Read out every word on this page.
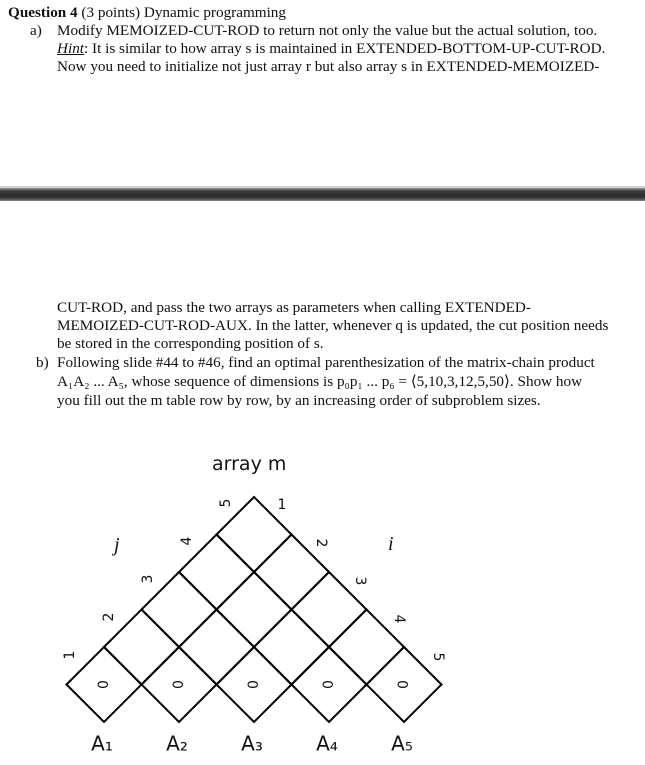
Question 4 (3 points) Dynamic programming
a) Modify MEMOIZED-CUT-ROD to return not only the value but the actual solution, too.
Hint: It is similar to how array s is maintained in EXTENDED-BOTTOM-UP-CUT-ROD.
Now you need to initialize not just array r but also array s in EXTENDED-MEMOIZED-
CUT-ROD, and pass the two arrays as parameters when calling EXTENDED-
MEMOIZED-CUT-ROD-AUX. In the latter, whenever q is updated, the cut position needs
be stored in the corresponding position of s.
b) Following slide #44 to #46, find an optimal parenthesization of the matrix-chain product
A₁A₂ ... A₅, whose sequence of dimensions is p₀p₁ ... p₆ = ⟨5,10,3,12,5,50⟩. Show how
you fill out the m table row by row, by an increasing order of subproblem sizes.
0	0	0	0	0
A₁	A₂	A₃	A₄	A₅
1
2
3
4
5	1
2
3
4
5
array m
j	i
